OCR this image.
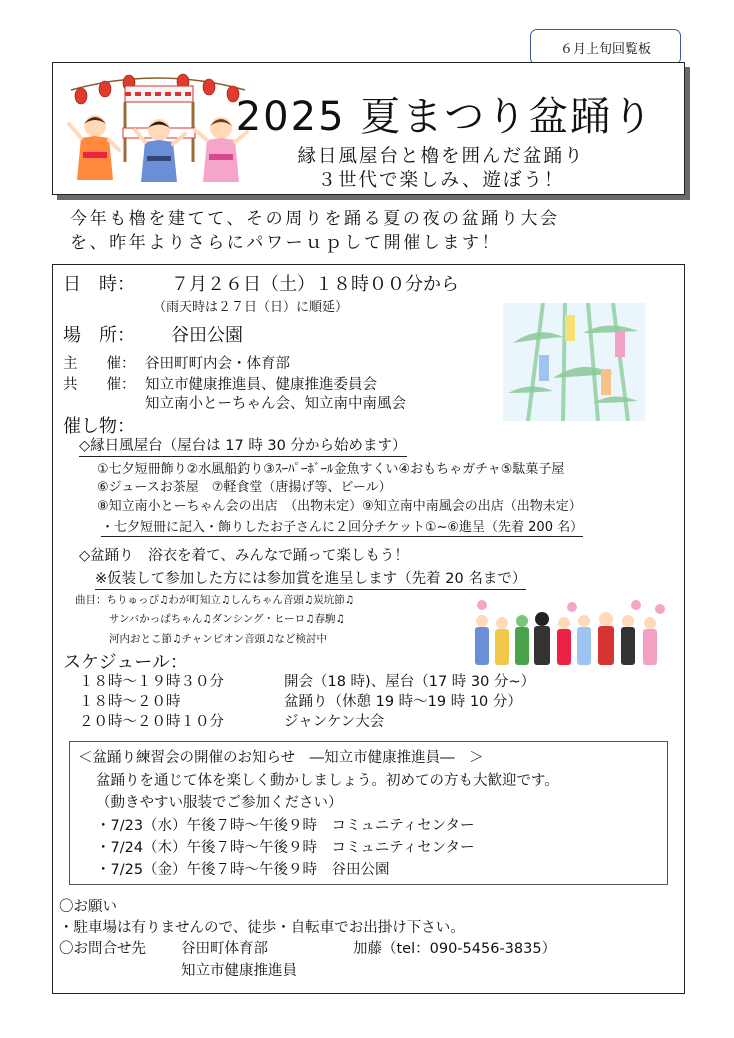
６月上旬回覧板
2025 夏まつり盆踊り
縁日風屋台と櫓を囲んだ盆踊り
３世代で楽しみ、遊ぼう！
今年も櫓を建てて、その周りを踊る夏の夜の盆踊り大会
を、昨年よりさらにパワーｕｐして開催します！
日　時： ７月２６日（土）１８時００分から
（雨天時は２７日（日）に順延）
場　所： 谷田公園
主　　催： 谷田町町内会・体育部
共　　催： 知立市健康推進員、健康推進委員会
知立南小とーちゃん会、知立南中南風会
催し物：
◇縁日風屋台（屋台は 17 時 30 分から始めます）
①七夕短冊飾り②水風船釣り③ｽｰﾊﾟｰﾎﾞｰﾙ金魚すくい④おもちゃガチャ⑤駄菓子屋
⑥ジュースお茶屋　⑦軽食堂（唐揚げ等、ビール）
⑧知立南小とーちゃん会の出店　（出物未定）⑨知立南中南風会の出店（出物未定）
・七夕短冊に記入・飾りしたお子さんに２回分チケット①~⑥進呈（先着 200 名）
◇盆踊り　浴衣を着て、みんなで踊って楽しもう！
※仮装して参加した方には参加賞を進呈します（先着 20 名まで）
曲目：ちりゅっぴ♫わが町知立♫しんちゃん音頭♫炭坑節♫
サンバかっぱちゃん♫ダンシング・ヒーロ♫春駒♫
河内おとこ節♫チャンピオン音頭♫など検討中
スケジュール：
１８時～１９時３０分	開会（18 時)、屋台（17 時 30 分~）
１８時～２０時	盆踊り（休憩 19 時～19 時 10 分）
２０時～２０時１０分	ジャンケン大会
＜盆踊り練習会の開催のお知らせ　―知立市健康推進員―　＞
盆踊りを通じて体を楽しく動かしましょう。初めての方も大歓迎です。
（動きやすい服装でご参加ください）
・7/23（水）午後７時～午後９時　コミュニティセンター
・7/24（木）午後７時～午後９時　コミュニティセンター
・7/25（金）午後７時～午後９時　谷田公園
〇お願い
・駐車場は有りませんので、徒歩・自転車でお出掛け下さい。
〇お問合せ先 谷田町体育部	加藤（tel：090-5456-3835）
知立市健康推進員
